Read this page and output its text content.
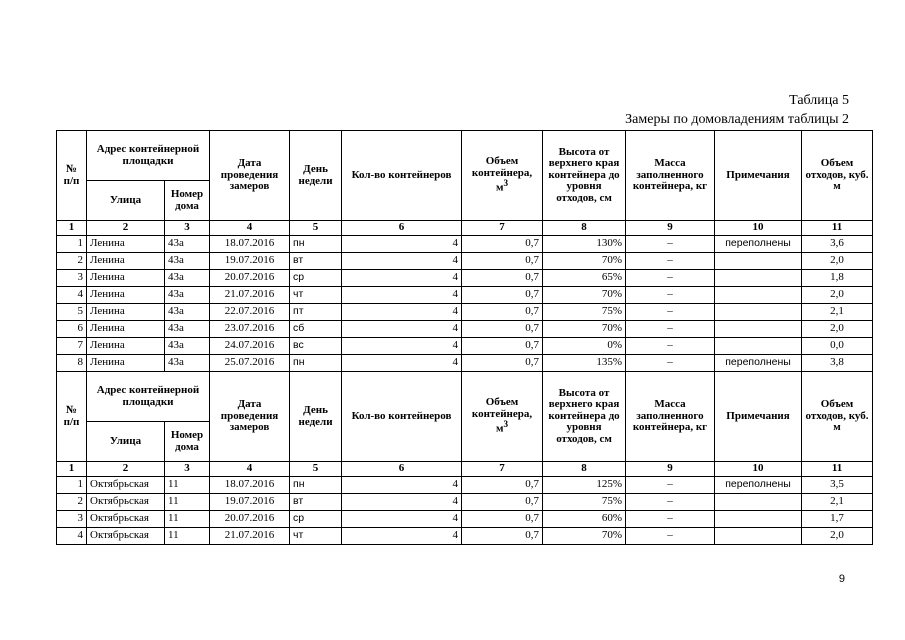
Таблица 5
Замеры по домовладениям таблицы 2
№ п/п	Адрес контейнерной площадки		Дата проведения замеров	День недели	Кол-во контейнеров	Объем контейнера, $м^3$	Высота от верхнего края контейнера до уровня отходов, см	Масса заполненного контейнера, кг	Примечания	Объем отходов, куб. м
	Улица	Номер дома								
1	2	3	4	5	6	7	8	9	10	11
1	Ленина	43а	18.07.2016	пн	4	0,7	130%	–	переполнены	3,6
2	Ленина	43а	19.07.2016	вт	4	0,7	70%	–		2,0
3	Ленина	43а	20.07.2016	ср	4	0,7	65%	–		1,8
4	Ленина	43а	21.07.2016	чт	4	0,7	70%	–		2,0
5	Ленина	43а	22.07.2016	пт	4	0,7	75%	–		2,1
6	Ленина	43а	23.07.2016	сб	4	0,7	70%	–		2,0
7	Ленина	43а	24.07.2016	вс	4	0,7	0%	–		0,0
8	Ленина	43а	25.07.2016	пн	4	0,7	135%	–	переполнены	3,8
№ п/п	Адрес контейнерной площадки		Дата проведения замеров	День недели	Кол-во контейнеров	Объем контейнера, $м^3$	Высота от верхнего края контейнера до уровня отходов, см	Масса заполненного контейнера, кг	Примечания	Объем отходов, куб. м
	Улица	Номер дома								
1	2	3	4	5	6	7	8	9	10	11
1	Октябрьская	11	18.07.2016	пн	4	0,7	125%	–	переполнены	3,5
2	Октябрьская	11	19.07.2016	вт	4	0,7	75%	–		2,1
3	Октябрьская	11	20.07.2016	ср	4	0,7	60%	–		1,7
4	Октябрьская	11	21.07.2016	чт	4	0,7	70%	–		2,0
9
